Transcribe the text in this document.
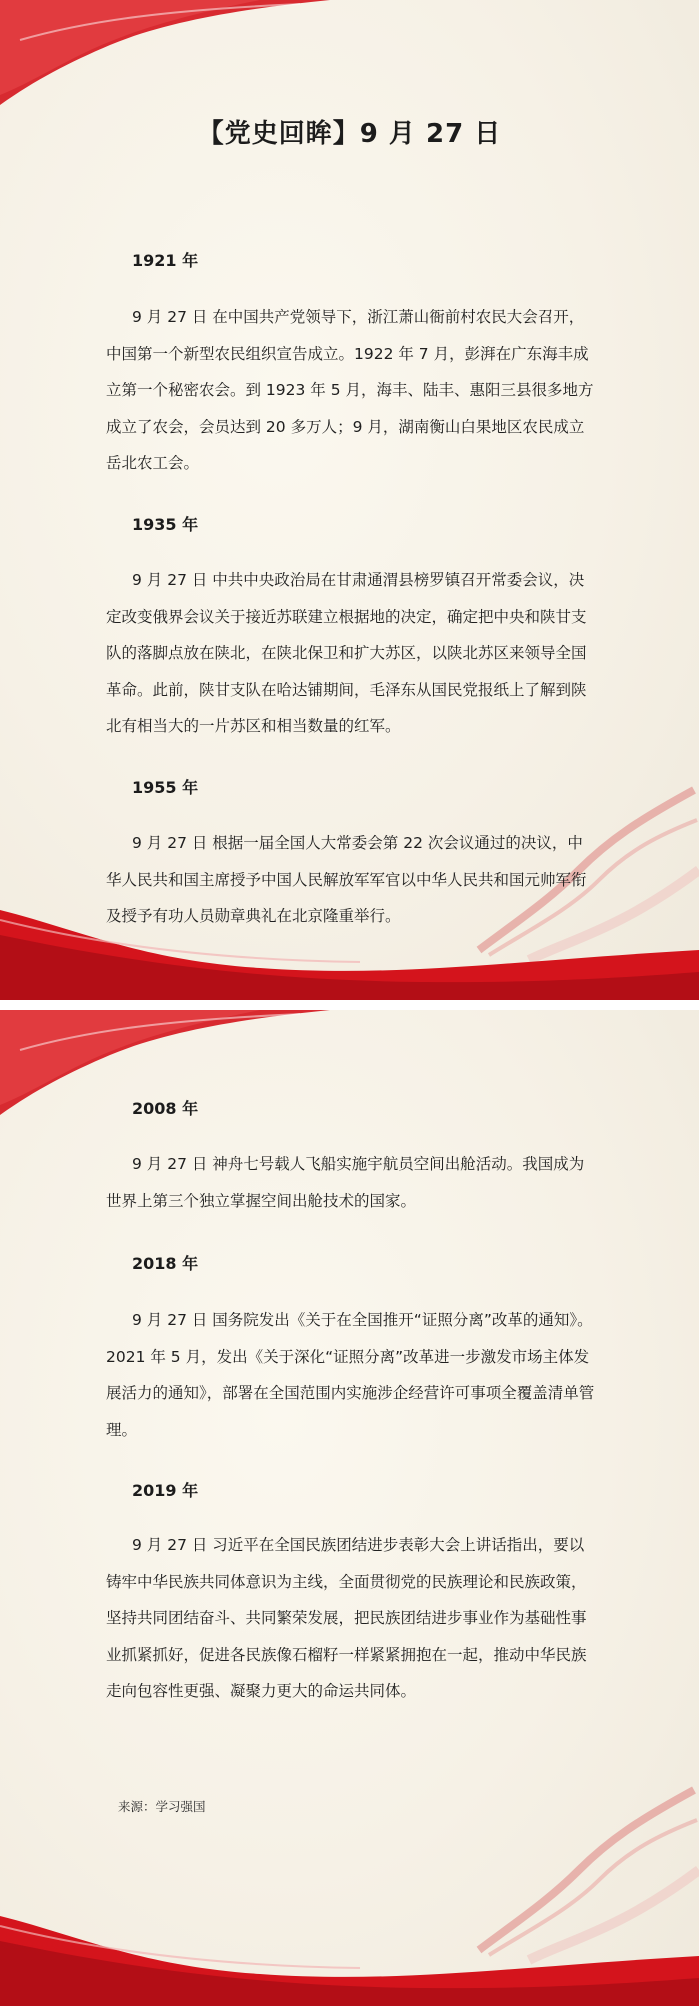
【党史回眸】9 月 27 日
1921 年

9 月 27 日 在中国共产党领导下，浙江萧山衙前村农民大会召开，中国第一个新型农民组织宣告成立。1922 年 7 月，彭湃在广东海丰成立第一个秘密农会。到 1923 年 5 月，海丰、陆丰、惠阳三县很多地方成立了农会，会员达到 20 多万人；9 月，湖南衡山白果地区农民成立岳北农工会。

1935 年

9 月 27 日 中共中央政治局在甘肃通渭县榜罗镇召开常委会议，决定改变俄界会议关于接近苏联建立根据地的决定，确定把中央和陕甘支队的落脚点放在陕北，在陕北保卫和扩大苏区，以陕北苏区来领导全国革命。此前，陕甘支队在哈达铺期间，毛泽东从国民党报纸上了解到陕北有相当大的一片苏区和相当数量的红军。

1955 年

9 月 27 日 根据一届全国人大常委会第 22 次会议通过的决议，中华人民共和国主席授予中国人民解放军军官以中华人民共和国元帅军衔及授予有功人员勋章典礼在北京隆重举行。

2008 年

9 月 27 日 神舟七号载人飞船实施宇航员空间出舱活动。我国成为世界上第三个独立掌握空间出舱技术的国家。

2018 年

9 月 27 日 国务院发出《关于在全国推开“证照分离”改革的通知》。2021 年 5 月，发出《关于深化“证照分离”改革进一步激发市场主体发展活力的通知》，部署在全国范围内实施涉企经营许可事项全覆盖清单管理。

2019 年

9 月 27 日 习近平在全国民族团结进步表彰大会上讲话指出，要以铸牢中华民族共同体意识为主线，全面贯彻党的民族理论和民族政策，坚持共同团结奋斗、共同繁荣发展，把民族团结进步事业作为基础性事业抓紧抓好，促进各民族像石榴籽一样紧紧拥抱在一起，推动中华民族走向包容性更强、凝聚力更大的命运共同体。

来源：学习强国
